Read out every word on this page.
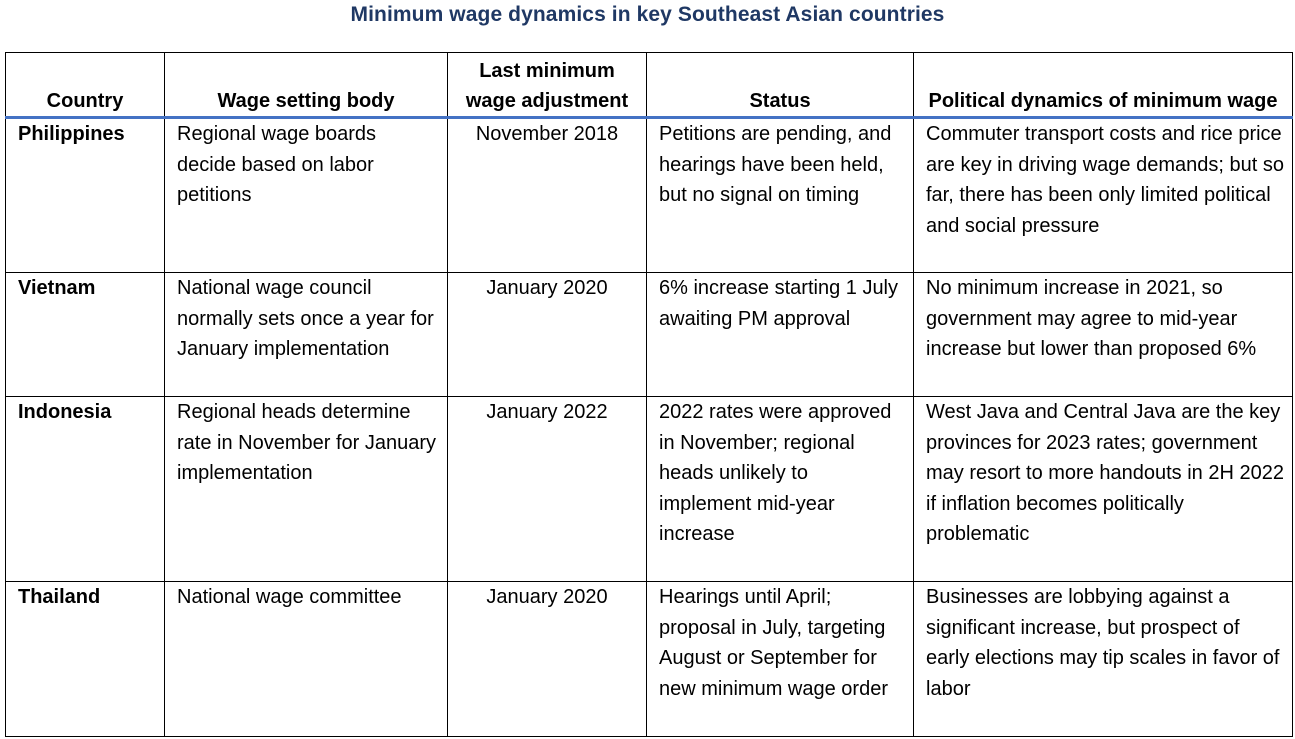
Minimum wage dynamics in key Southeast Asian countries
Country	Wage setting body	Last minimum wage adjustment	Status	Political dynamics of minimum wage
Philippines	Regional wage boards decide based on labor petitions	November 2018	Petitions are pending, and hearings have been held, but no signal on timing	Commuter transport costs and rice price are key in driving wage demands; but so far, there has been only limited political and social pressure
Vietnam	National wage council normally sets once a year for January implementation	January 2020	6% increase starting 1 July awaiting PM approval	No minimum increase in 2021, so government may agree to mid-year increase but lower than proposed 6%
Indonesia	Regional heads determine rate in November for January implementation	January 2022	2022 rates were approved in November; regional heads unlikely to implement mid-year increase	West Java and Central Java are the key provinces for 2023 rates; government may resort to more handouts in 2H 2022 if inflation becomes politically problematic
Thailand	National wage committee	January 2020	Hearings until April; proposal in July, targeting August or September for new minimum wage order	Businesses are lobbying against a significant increase, but prospect of early elections may tip scales in favor of labor
